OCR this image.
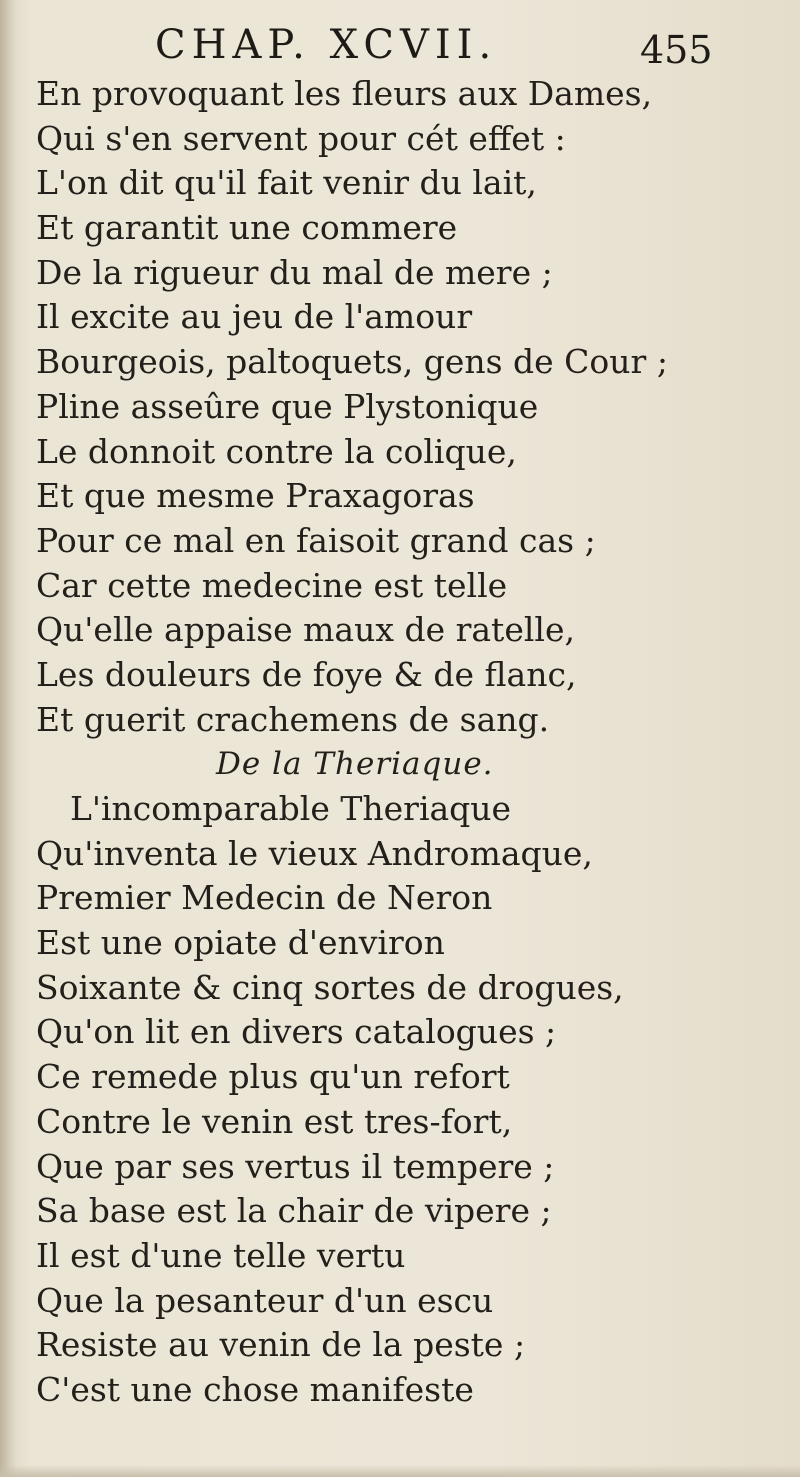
CHAP. XCVII.	455
En provoquant les fleurs aux Dames,
Qui s'en servent pour cét effet :
L'on dit qu'il fait venir du lait,
Et garantit une commere
De la rigueur du mal de mere ;
Il excite au jeu de l'amour
Bourgeois, paltoquets, gens de Cour ;
Pline asseûre que Plystonique
Le donnoit contre la colique,
Et que mesme Praxagoras
Pour ce mal en faisoit grand cas ;
Car cette medecine est telle
Qu'elle appaise maux de ratelle,
Les douleurs de foye & de flanc,
Et guerit crachemens de sang.
De la Theriaque.
L'incomparable Theriaque
Qu'inventa le vieux Andromaque,
Premier Medecin de Neron
Est une opiate d'environ
Soixante & cinq sortes de drogues,
Qu'on lit en divers catalogues ;
Ce remede plus qu'un refort
Contre le venin est tres-fort,
Que par ses vertus il tempere ;
Sa base est la chair de vipere ;
Il est d'une telle vertu
Que la pesanteur d'un escu
Resiste au venin de la peste ;
C'est une chose manifeste
